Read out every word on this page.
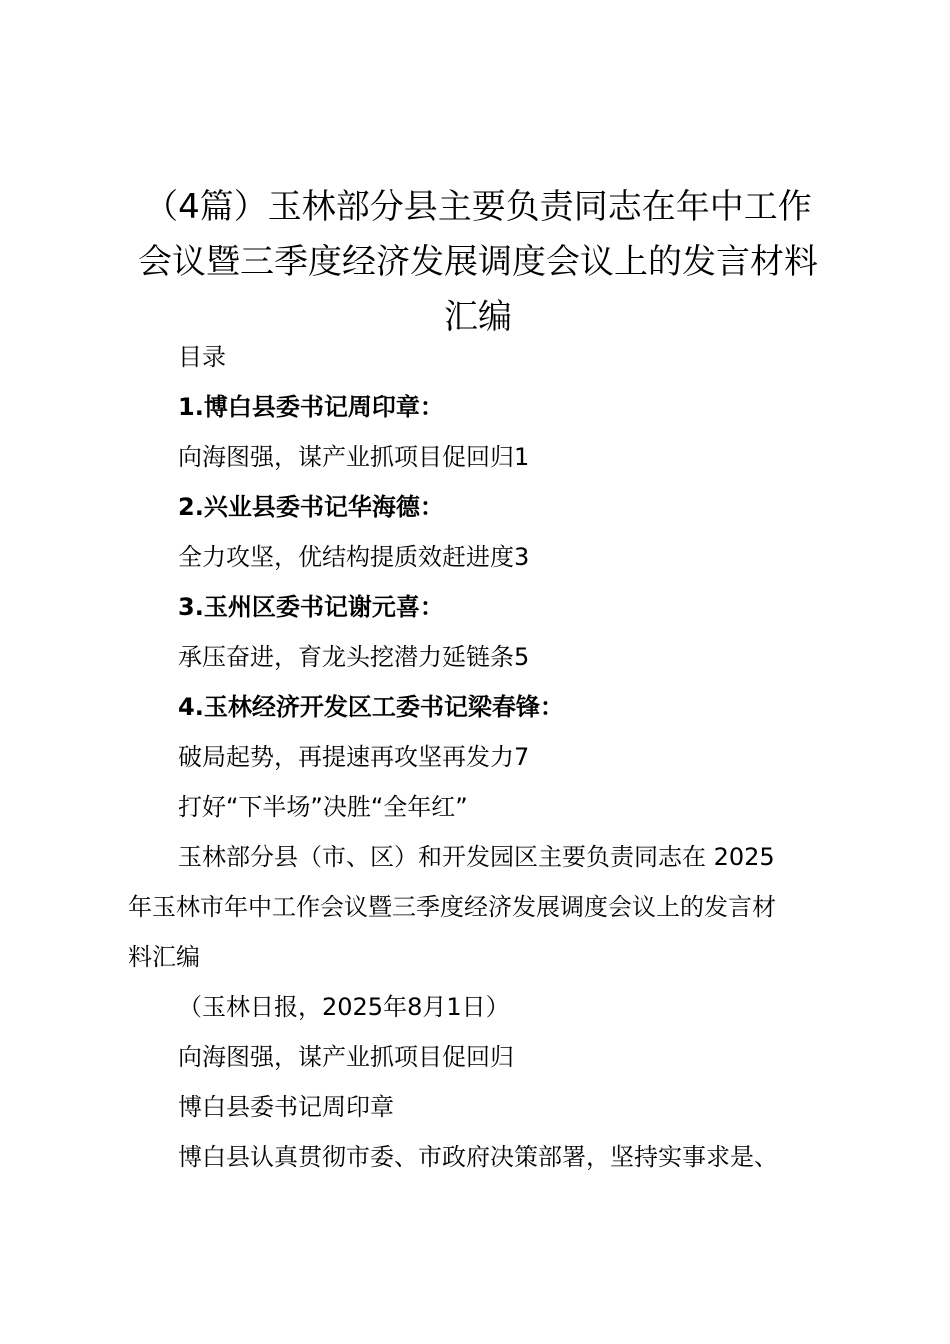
（4篇）玉林部分县主要负责同志在年中工作
会议暨三季度经济发展调度会议上的发言材料
汇编

目录

1.博白县委书记周印章：

向海图强，谋产业抓项目促回归1

2.兴业县委书记华海德：

全力攻坚，优结构提质效赶进度3

3.玉州区委书记谢元喜：

承压奋进，育龙头挖潜力延链条5

4.玉林经济开发区工委书记梁春锋：

破局起势，再提速再攻坚再发力7

打好“下半场”决胜“全年红”

玉林部分县（市、区）和开发园区主要负责同志在 2025
年玉林市年中工作会议暨三季度经济发展调度会议上的发言材
料汇编

（玉林日报，2025年8月1日）

向海图强，谋产业抓项目促回归

博白县委书记周印章

博白县认真贯彻市委、市政府决策部署，坚持实事求是、
